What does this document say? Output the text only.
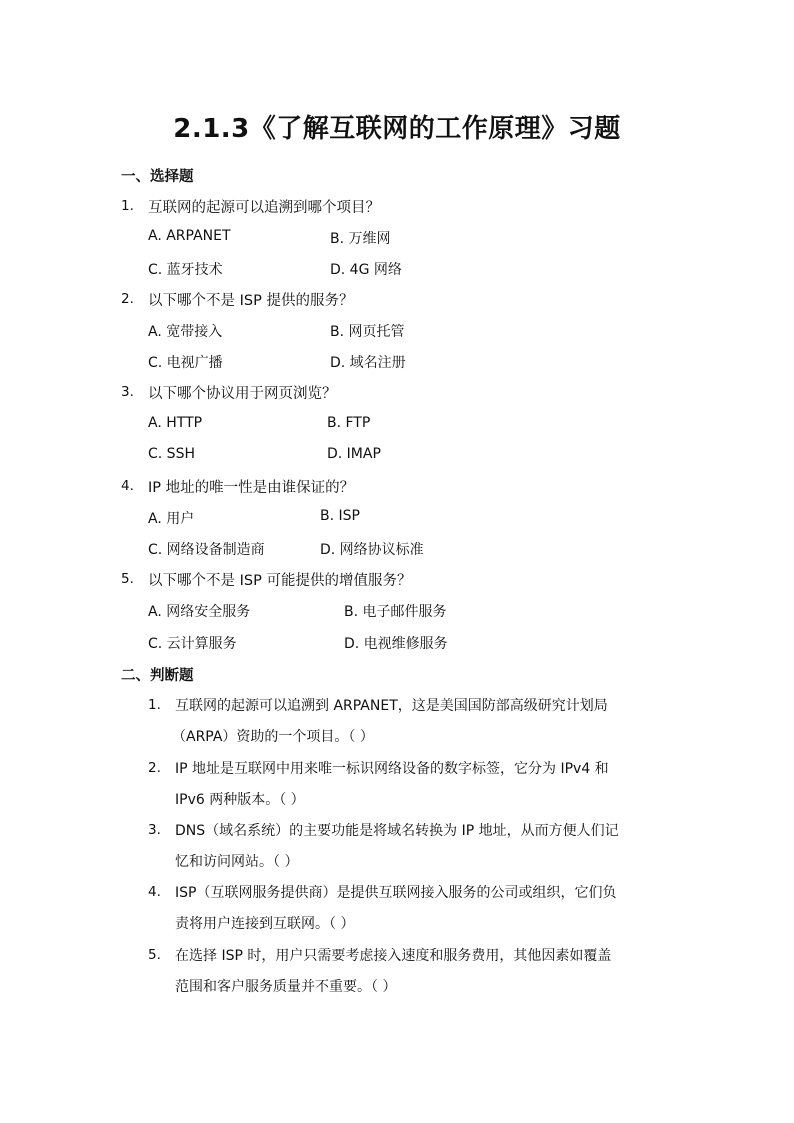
2.1.3《了解互联网的工作原理》习题
一、选择题
1. 互联网的起源可以追溯到哪个项目？
A. ARPANET	B. 万维网
C. 蓝牙技术	D. 4G 网络
2. 以下哪个不是 ISP 提供的服务？
A. 宽带接入	B. 网页托管
C. 电视广播	D. 域名注册
3. 以下哪个协议用于网页浏览？
A. HTTP	B. FTP
C. SSH	D. IMAP
4. IP 地址的唯一性是由谁保证的？
A. 用户	B. ISP
C. 网络设备制造商	D. 网络协议标准
5. 以下哪个不是 ISP 可能提供的增值服务？
A. 网络安全服务	B. 电子邮件服务
C. 云计算服务	D. 电视维修服务
二、判断题
1. 互联网的起源可以追溯到 ARPANET，这是美国国防部高级研究计划局
（ARPA）资助的一个项目。（ ）
2. IP 地址是互联网中用来唯一标识网络设备的数字标签，它分为 IPv4 和
IPv6 两种版本。（ ）
3. DNS（域名系统）的主要功能是将域名转换为 IP 地址，从而方便人们记
忆和访问网站。（ ）
4. ISP（互联网服务提供商）是提供互联网接入服务的公司或组织，它们负
责将用户连接到互联网。（ ）
5. 在选择 ISP 时，用户只需要考虑接入速度和服务费用，其他因素如覆盖
范围和客户服务质量并不重要。（ ）
